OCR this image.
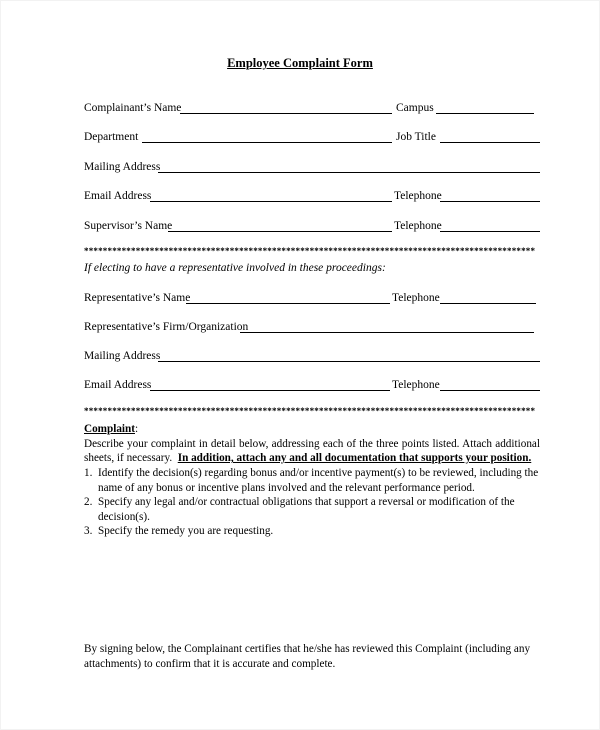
Employee Complaint Form
Complainant’s Name	Campus
Department	Job Title
Mailing Address
Email Address	Telephone
Supervisor’s Name	Telephone
************************************************************************************************
If electing to have a representative involved in these proceedings:
Representative’s Name	Telephone
Representative’s Firm/Organization
Mailing Address
Email Address	Telephone
************************************************************************************************
Complaint:
Describe your complaint in detail below, addressing each of the three points listed. Attach additional sheets, if necessary. In addition, attach any and all documentation that supports your position.
1. Identify the decision(s) regarding bonus and/or incentive payment(s) to be reviewed, including the name of any bonus or incentive plans involved and the relevant performance period.
2. Specify any legal and/or contractual obligations that support a reversal or modification of the decision(s).
3. Specify the remedy you are requesting.
By signing below, the Complainant certifies that he/she has reviewed this Complaint (including any attachments) to confirm that it is accurate and complete.
